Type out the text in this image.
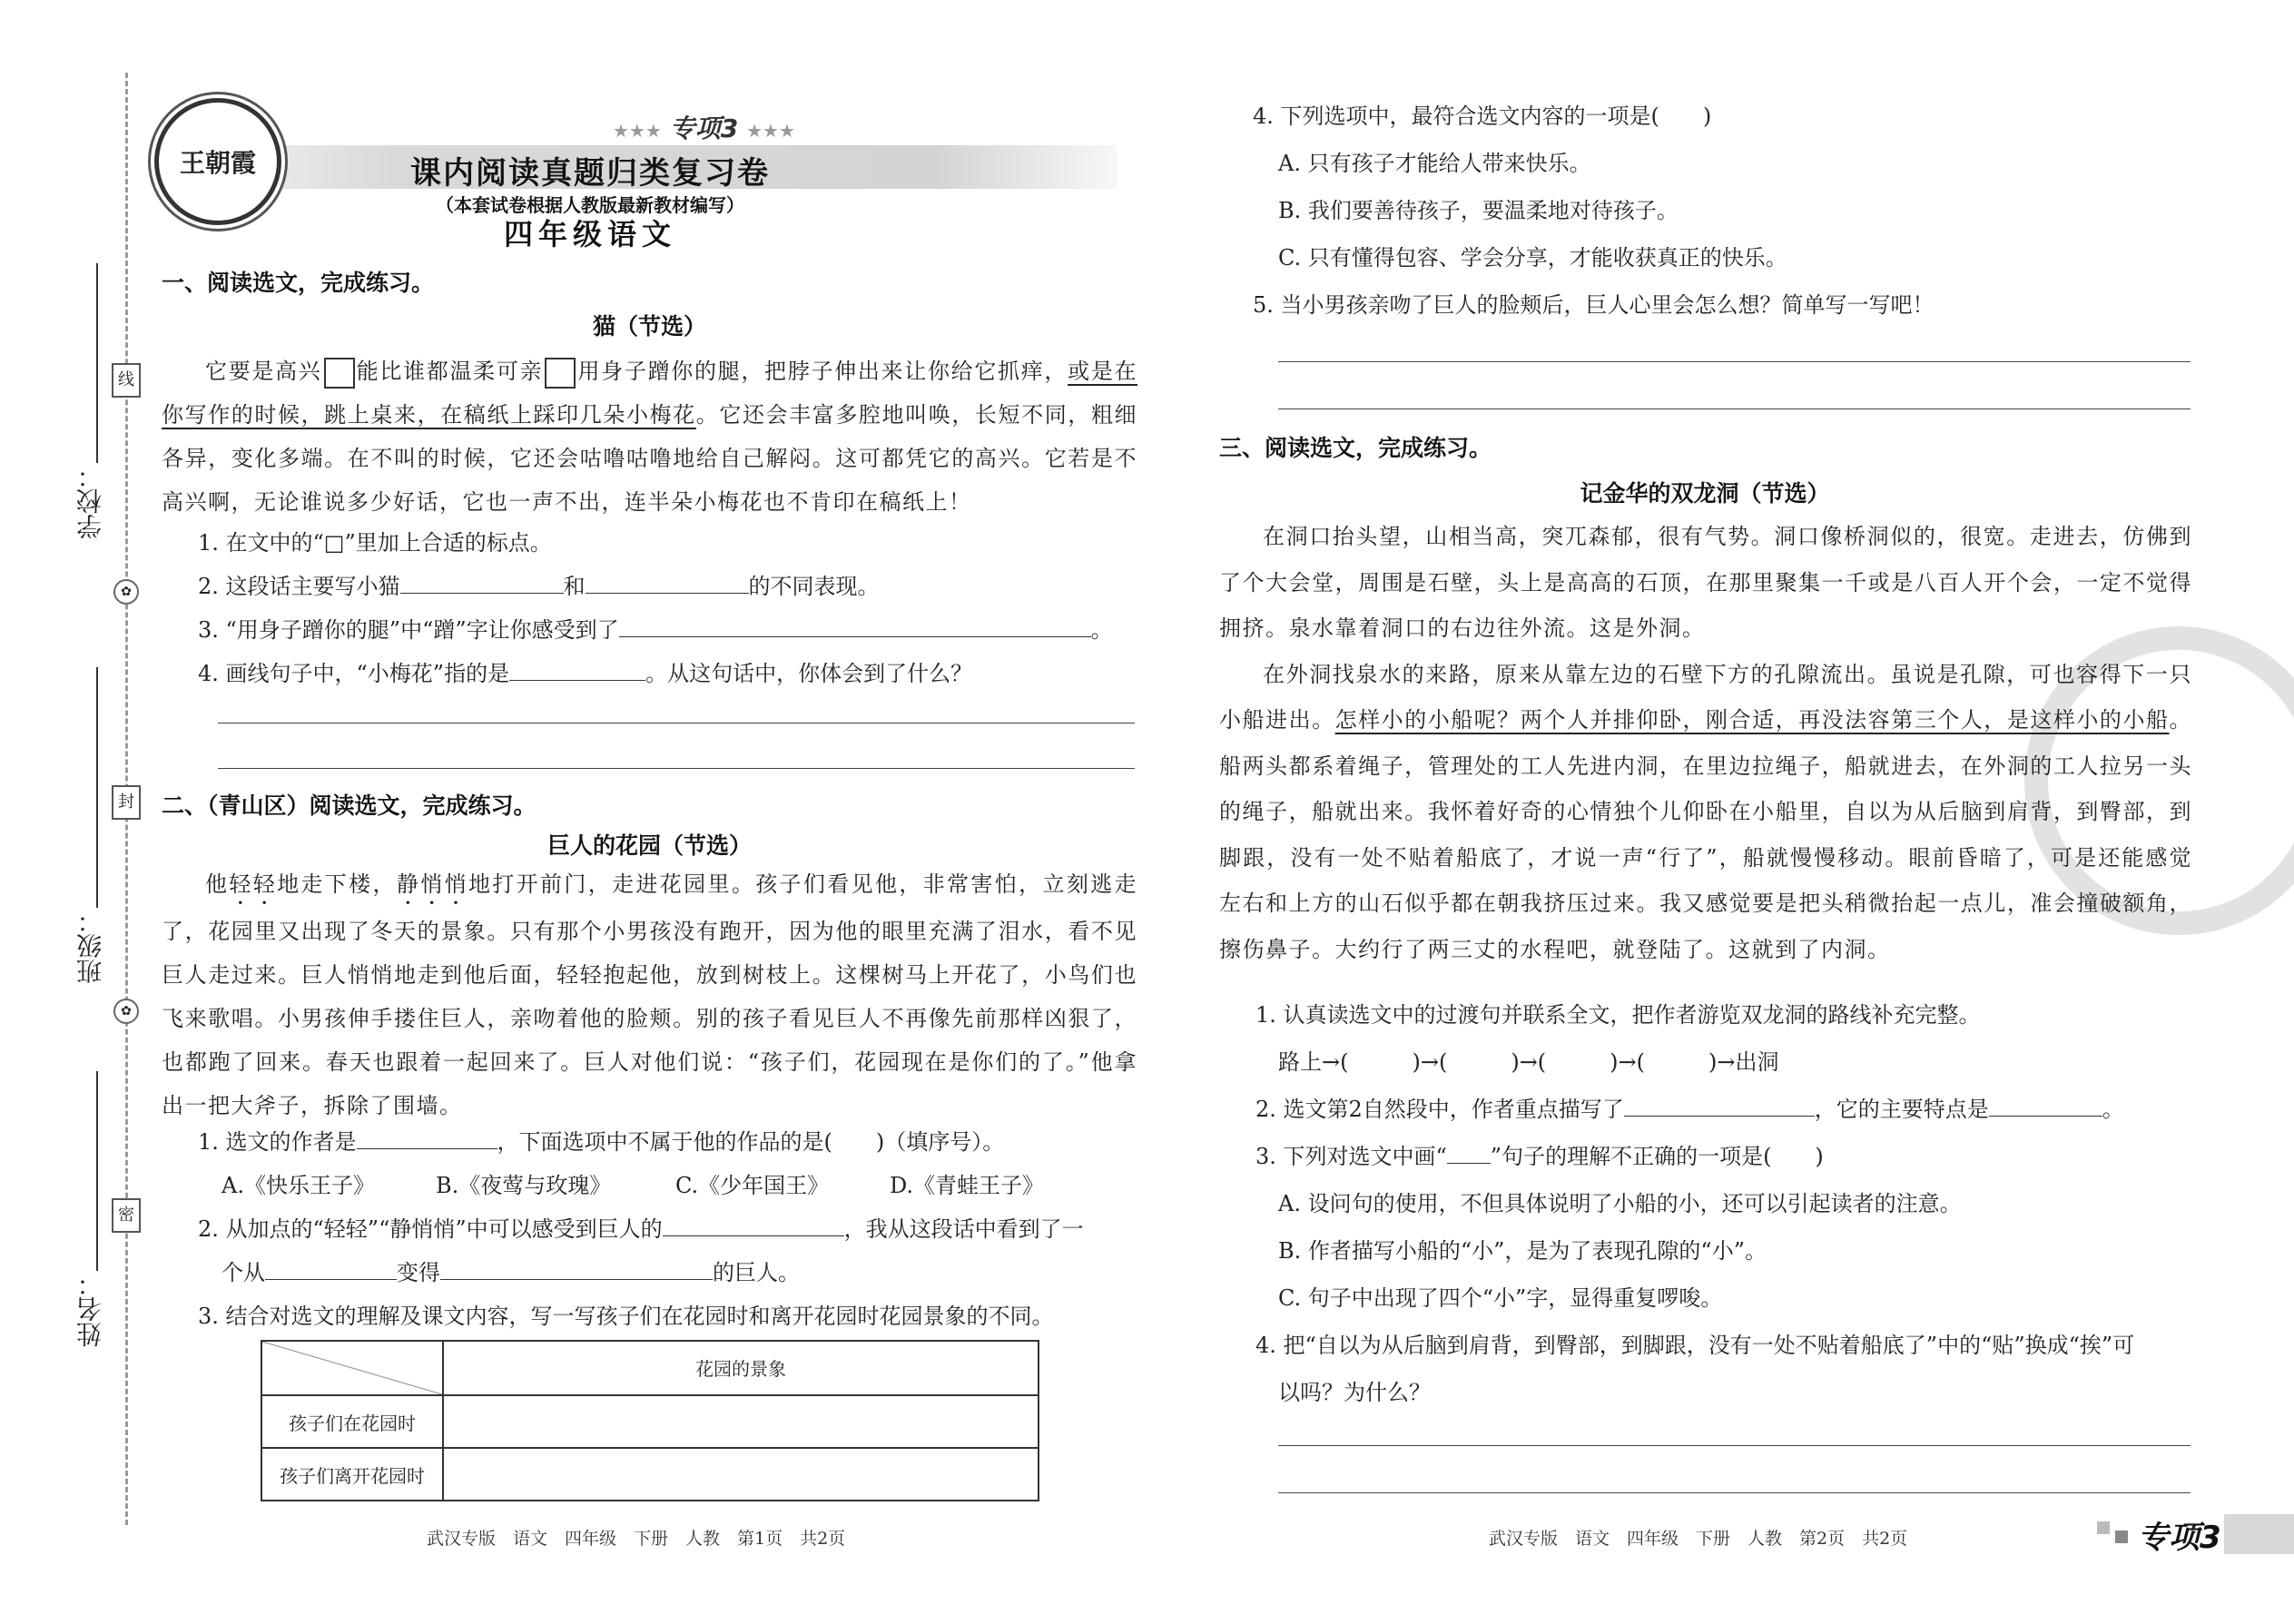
学校：
班级：
姓名：
线
封
密
✿
✿
王朝霞
★★★ 专项3 ★★★
课内阅读真题归类复习卷
（本套试卷根据人教版最新教材编写）
四年级语文
一、阅读选文，完成练习。
猫（节选）

它要是高兴 能比谁都温柔可亲 用身子蹭你的腿，把脖子伸出来让你给它抓痒，或是在你写作的时候，跳上桌来，在稿纸上踩印几朵小梅花。它还会丰富多腔地叫唤，长短不同，粗细各异，变化多端。在不叫的时候，它还会咕噜咕噜地给自己解闷。这可都凭它的高兴。它若是不高兴啊，无论谁说多少好话，它也一声不出，连半朵小梅花也不肯印在稿纸上！

1. 在文中的“□”里加上合适的标点。
2. 这段话主要写小猫	和	的不同表现。
3. “用身子蹭你的腿”中“蹭”字让你感受到了	。
4. 画线句子中，“小梅花”指的是	。从这句话中，你体会到了什么？
二、（青山区）阅读选文，完成练习。
巨人的花园（节选）

他轻轻地走下楼，静悄悄地打开前门，走进花园里。孩子们看见他，非常害怕，立刻逃走了，花园里又出现了冬天的景象。只有那个小男孩没有跑开，因为他的眼里充满了泪水，看不见巨人走过来。巨人悄悄地走到他后面，轻轻抱起他，放到树枝上。这棵树马上开花了，小鸟们也飞来歌唱。小男孩伸手搂住巨人，亲吻着他的脸颊。别的孩子看见巨人不再像先前那样凶狠了，也都跑了回来。春天也跟着一起回来了。巨人对他们说：“孩子们，花园现在是你们的了。”他拿出一把大斧子，拆除了围墙。

1. 选文的作者是	，下面选项中不属于他的作品的是(　　)（填序号）。
A.《快乐王子》	B.《夜莺与玫瑰》	C.《少年国王》	D.《青蛙王子》
2. 从加点的“轻轻”“静悄悄”中可以感受到巨人的	，我从这段话中看到了一
个从	变得	的巨人。
3. 结合对选文的理解及课文内容，写一写孩子们在花园时和离开花园时花园景象的不同。
	花园的景象
孩子们在花园时	
孩子们离开花园时	
武汉专版　语文　四年级　下册　人教　第1页　共2页
4. 下列选项中，最符合选文内容的一项是(　　)
A. 只有孩子才能给人带来快乐。
B. 我们要善待孩子，要温柔地对待孩子。
C. 只有懂得包容、学会分享，才能收获真正的快乐。
5. 当小男孩亲吻了巨人的脸颊后，巨人心里会怎么想？简单写一写吧！
三、阅读选文，完成练习。
记金华的双龙洞（节选）

在洞口抬头望，山相当高，突兀森郁，很有气势。洞口像桥洞似的，很宽。走进去，仿佛到了个大会堂，周围是石壁，头上是高高的石顶，在那里聚集一千或是八百人开个会，一定不觉得拥挤。泉水靠着洞口的右边往外流。这是外洞。

在外洞找泉水的来路，原来从靠左边的石壁下方的孔隙流出。虽说是孔隙，可也容得下一只小船进出。怎样小的小船呢？两个人并排仰卧，刚合适，再没法容第三个人，是这样小的小船。船两头都系着绳子，管理处的工人先进内洞，在里边拉绳子，船就进去，在外洞的工人拉另一头的绳子，船就出来。我怀着好奇的心情独个儿仰卧在小船里，自以为从后脑到肩背，到臀部，到脚跟，没有一处不贴着船底了，才说一声“行了”，船就慢慢移动。眼前昏暗了，可是还能感觉左右和上方的山石似乎都在朝我挤压过来。我又感觉要是把头稍微抬起一点儿，准会撞破额角，擦伤鼻子。大约行了两三丈的水程吧，就登陆了。这就到了内洞。

1. 认真读选文中的过渡句并联系全文，把作者游览双龙洞的路线补充完整。
路上→(	)→(	)→(	)→(	)→出洞
2. 选文第2自然段中，作者重点描写了	，它的主要特点是	。
3. 下列对选文中画“ ”句子的理解不正确的一项是(　　)
A. 设问句的使用，不但具体说明了小船的小，还可以引起读者的注意。
B. 作者描写小船的“小”，是为了表现孔隙的“小”。
C. 句子中出现了四个“小”字，显得重复啰唆。
4. 把“自以为从后脑到肩背，到臀部，到脚跟，没有一处不贴着船底了”中的“贴”换成“挨”可
以吗？为什么？
武汉专版　语文　四年级　下册　人教　第2页　共2页	专项3
